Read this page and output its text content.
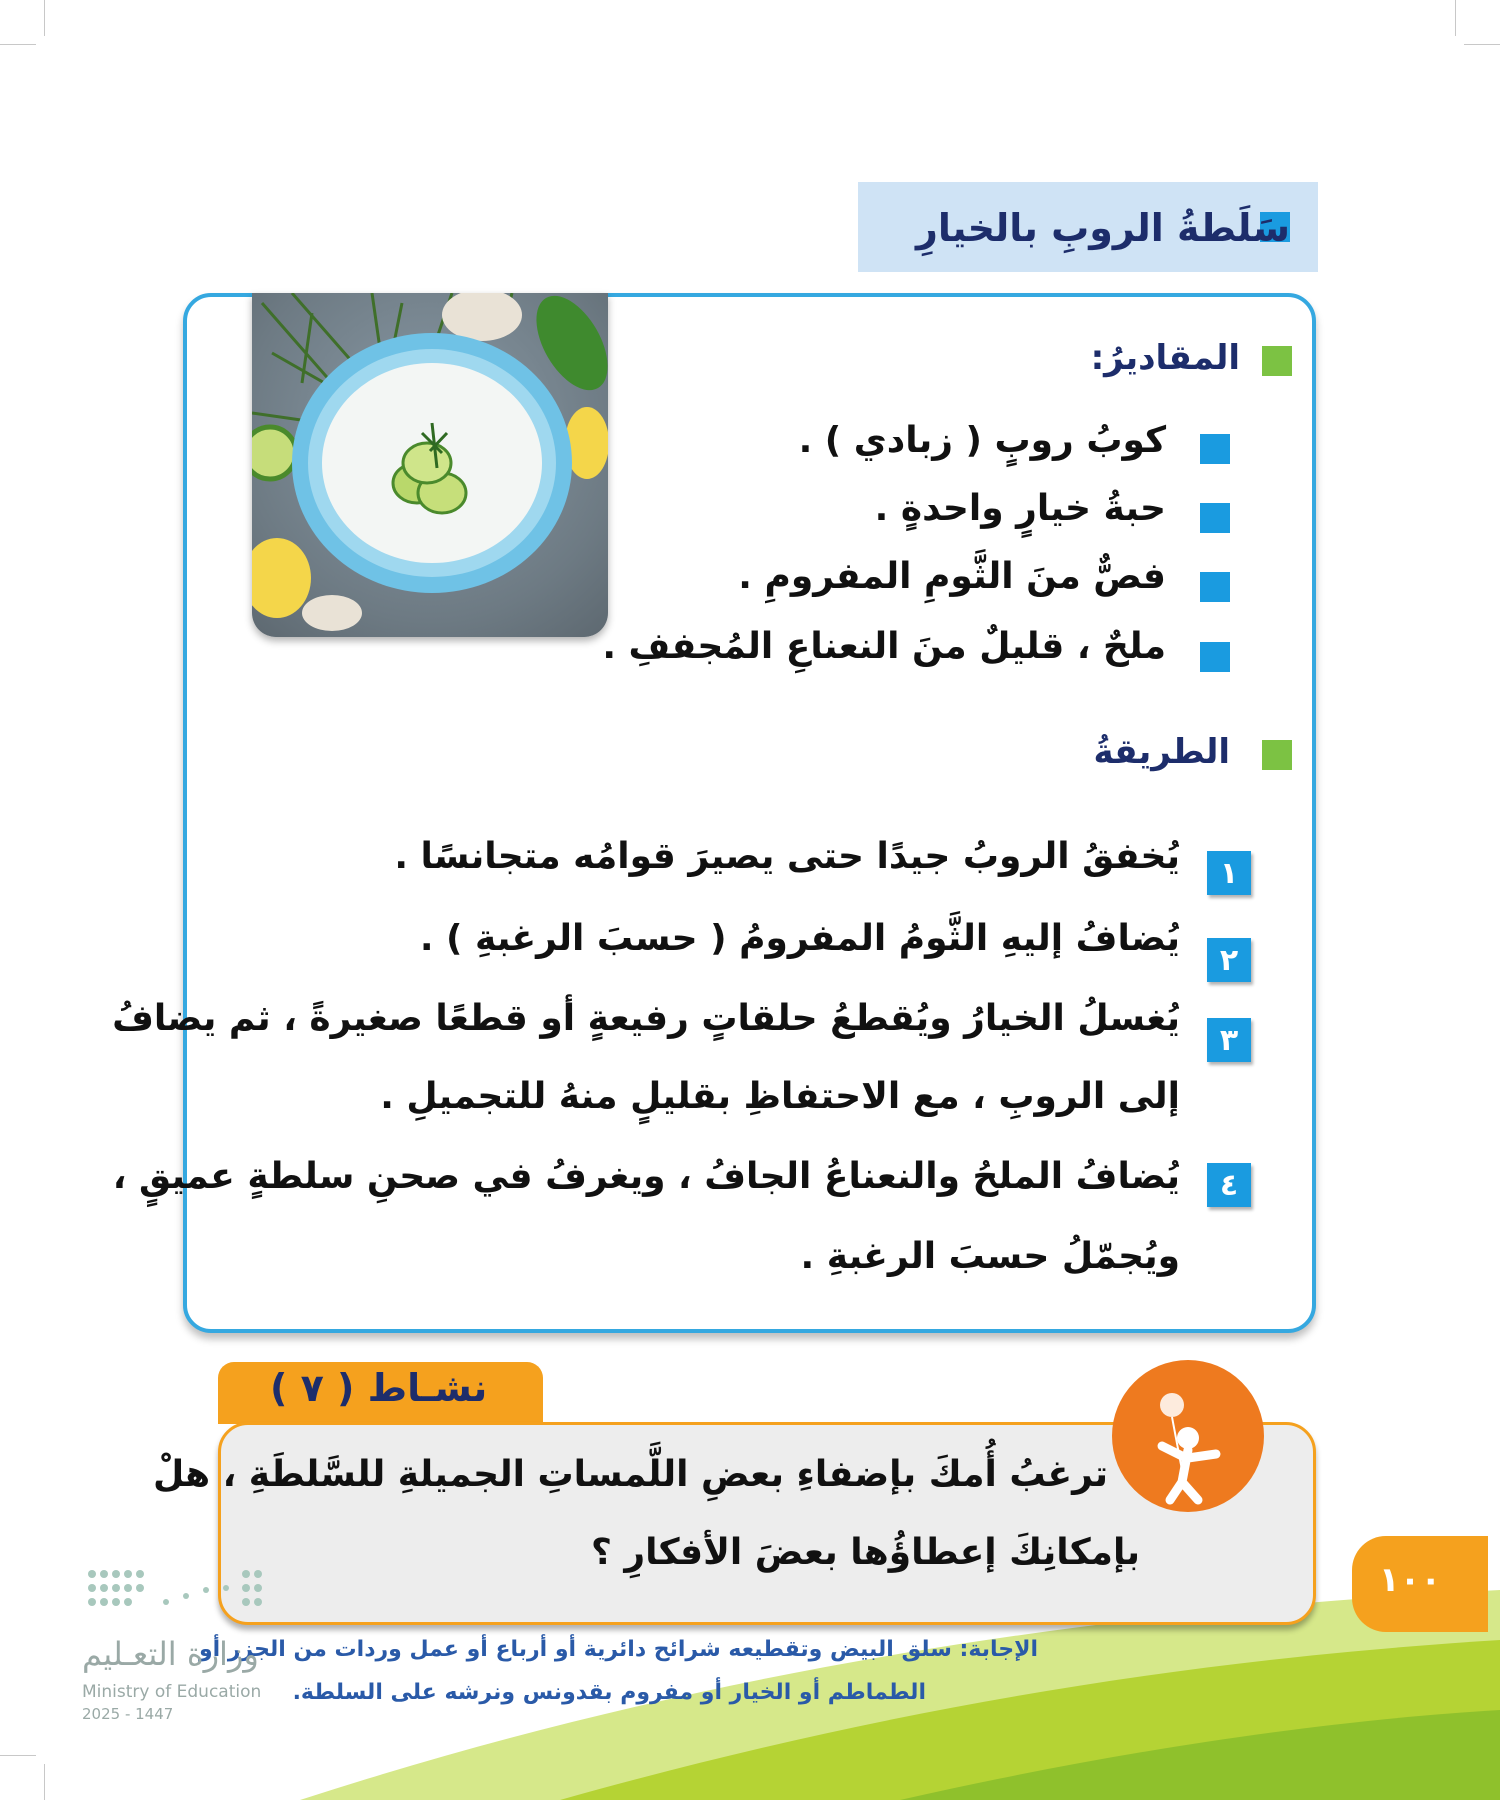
سَلَطةُ الروبِ بالخيارِ
المقاديرُ:
كوبُ روبٍ ( زبادي ) .
حبةُ خيارٍ واحدةٍ .
فصٌّ منَ الثَّومِ المفرومِ .
ملحٌ ، قليلٌ منَ النعناعِ المُجففِ .
الطريقةُ
١
يُخفقُ الروبُ جيدًا حتى يصيرَ قوامُه متجانسًا .
٢
يُضافُ إليهِ الثَّومُ المفرومُ ( حسبَ الرغبةِ ) .
٣
يُغسلُ الخيارُ ويُقطعُ حلقاتٍ رفيعةٍ أو قطعًا صغيرةً ، ثم يضافُ
إلى الروبِ ، مع الاحتفاظِ بقليلٍ منهُ للتجميلِ .
٤
يُضافُ الملحُ والنعناعُ الجافُ ، ويغرفُ في صحنِ سلطةٍ عميقٍ ،
ويُجمّلُ حسبَ الرغبةِ .
نشـاط ( ٧ )
ترغبُ أُمكَ بإضفاءِ بعضِ اللَّمساتِ الجميلةِ للسَّلطَةِ ، هلْ
بإمكانِكَ إعطاؤُها بعضَ الأفكارِ ؟
١٠٠
الإجابة: سلق البيض وتقطيعه شرائح دائرية أو أرباع أو عمل وردات من الجزر أو
الطماطم أو الخيار أو مفروم بقدونس ونرشه على السلطة.
وزارة التعـليم
Ministry of Education
2025 - 1447
